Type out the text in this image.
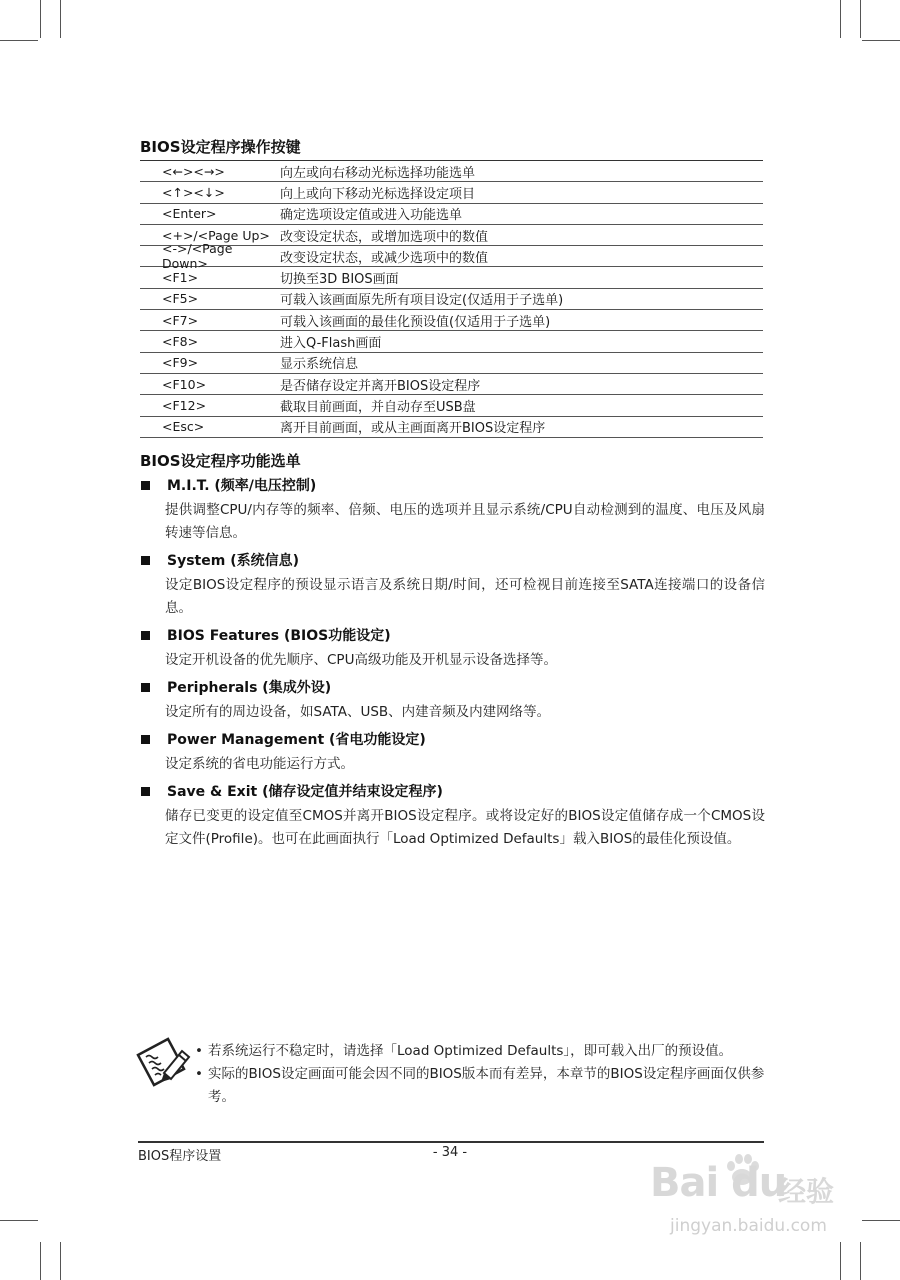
BIOS设定程序操作按键
<←><→>	向左或向右移动光标选择功能选单
<↑><↓>	向上或向下移动光标选择设定项目
<Enter>	确定选项设定值或进入功能选单
<+>/<Page Up> 改变设定状态，或增加选项中的数值
<->/<Page Down>	改变设定状态，或减少选项中的数值
<F1>	切换至3D BIOS画面
<F5>	可载入该画面原先所有项目设定(仅适用于子选单)
<F7>	可载入该画面的最佳化预设值(仅适用于子选单)
<F8>	进入Q-Flash画面
<F9>	显示系统信息
<F10>	是否储存设定并离开BIOS设定程序
<F12>	截取目前画面，并自动存至USB盘
<Esc>	离开目前画面，或从主画面离开BIOS设定程序
BIOS设定程序功能选单
M.I.T. (频率/电压控制)
提供调整CPU/内存等的频率、倍频、电压的选项并且显示系统/CPU自动检测到的温度、电压及风扇转速等信息。
System (系统信息)
设定BIOS设定程序的预设显示语言及系统日期/时间，还可检视目前连接至SATA连接端口的设备信息。
BIOS Features (BIOS功能设定)
设定开机设备的优先顺序、CPU高级功能及开机显示设备选择等。
Peripherals (集成外设)
设定所有的周边设备，如SATA、USB、内建音频及内建网络等。
Power Management (省电功能设定)
设定系统的省电功能运行方式。
Save & Exit (储存设定值并结束设定程序)
储存已变更的设定值至CMOS并离开BIOS设定程序。或将设定好的BIOS设定值储存成一个CMOS设定文件(Profile)。也可在此画面执行「Load Optimized Defaults」载入BIOS的最佳化预设值。
• 若系统运行不稳定时，请选择「Load Optimized Defaults」，即可载入出厂的预设值。
• 实际的BIOS设定画面可能会因不同的BIOS版本而有差异，本章节的BIOS设定程序画面仅供参考。
BIOS程序设置	- 34 -
Bai du
经验
jingyan.baidu.com
